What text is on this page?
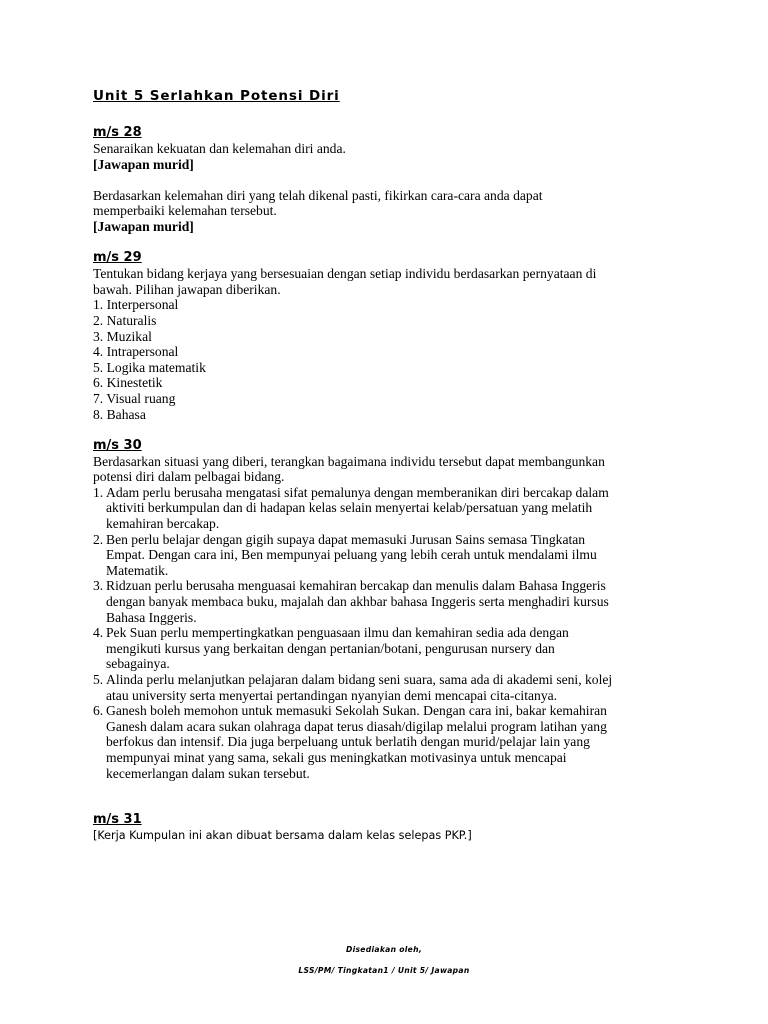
Unit 5 Serlahkan Potensi Diri

m/s 28

Senaraikan kekuatan dan kelemahan diri anda.

[Jawapan murid]

Berdasarkan kelemahan diri yang telah dikenal pasti, fikirkan cara-cara anda dapat

memperbaiki kelemahan tersebut.

[Jawapan murid]

m/s 29

Tentukan bidang kerjaya yang bersesuaian dengan setiap individu berdasarkan pernyataan di

bawah. Pilihan jawapan diberikan.

1. Interpersonal
2. Naturalis
3. Muzikal
4. Intrapersonal
5. Logika matematik
6. Kinestetik
7. Visual ruang
8. Bahasa

m/s 30

Berdasarkan situasi yang diberi, terangkan bagaimana individu tersebut dapat membangunkan

potensi diri dalam pelbagai bidang.

1. Adam perlu berusaha mengatasi sifat pemalunya dengan memberanikan diri bercakap dalam
aktiviti berkumpulan dan di hadapan kelas selain menyertai kelab/persatuan yang melatih
kemahiran bercakap.
2. Ben perlu belajar dengan gigih supaya dapat memasuki Jurusan Sains semasa Tingkatan
Empat. Dengan cara ini, Ben mempunyai peluang yang lebih cerah untuk mendalami ilmu
Matematik.
3. Ridzuan perlu berusaha menguasai kemahiran bercakap dan menulis dalam Bahasa Inggeris
dengan banyak membaca buku, majalah dan akhbar bahasa Inggeris serta menghadiri kursus
Bahasa Inggeris.
4. Pek Suan perlu mempertingkatkan penguasaan ilmu dan kemahiran sedia ada dengan
mengikuti kursus yang berkaitan dengan pertanian/botani, pengurusan nursery dan
sebagainya.
5. Alinda perlu melanjutkan pelajaran dalam bidang seni suara, sama ada di akademi seni, kolej
atau university serta menyertai pertandingan nyanyian demi mencapai cita-citanya.
6. Ganesh boleh memohon untuk memasuki Sekolah Sukan. Dengan cara ini, bakar kemahiran
Ganesh dalam acara sukan olahraga dapat terus diasah/digilap melalui program latihan yang
berfokus dan intensif. Dia juga berpeluang untuk berlatih dengan murid/pelajar lain yang
mempunyai minat yang sama, sekali gus meningkatkan motivasinya untuk mencapai
kecemerlangan dalam sukan tersebut.

m/s 31

[Kerja Kumpulan ini akan dibuat bersama dalam kelas selepas PKP.]

Disediakan oleh,
LSS/PM/ Tingkatan1 / Unit 5/ Jawapan
